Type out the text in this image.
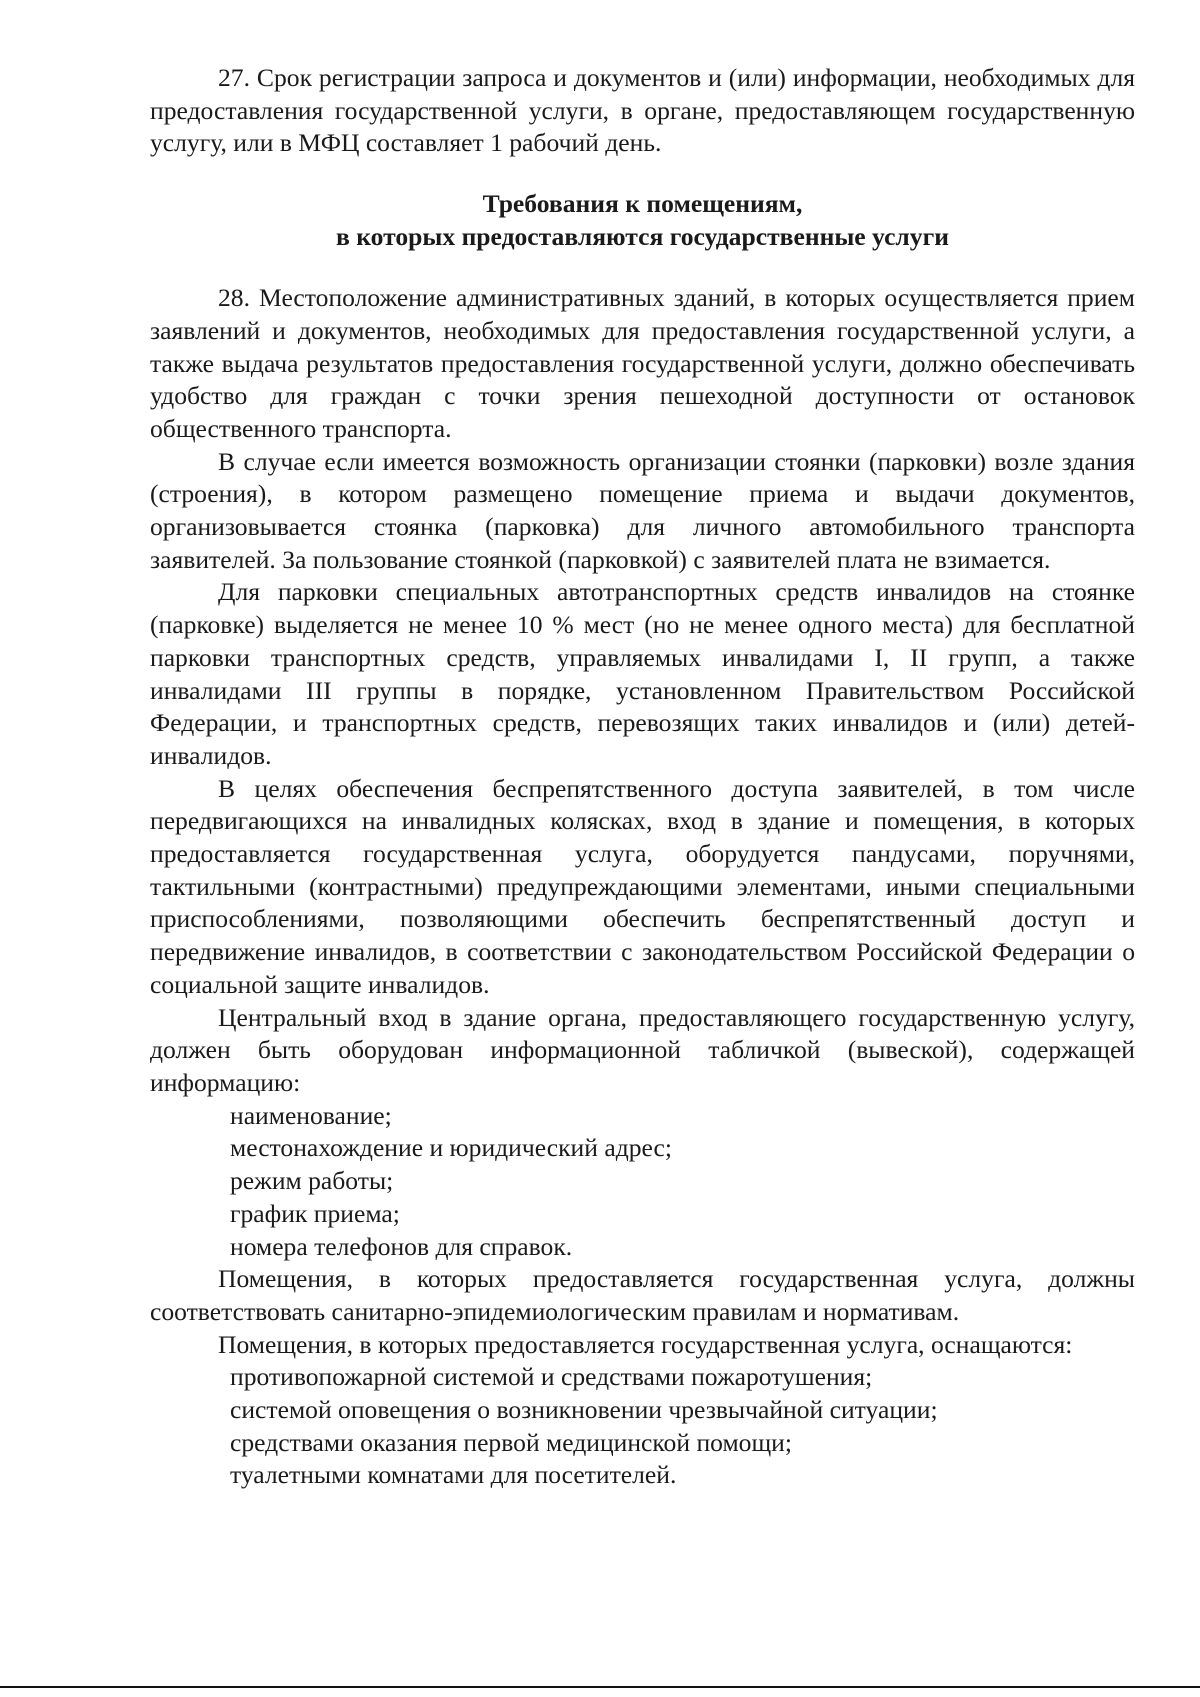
27. Срок регистрации запроса и документов и (или) информации, необходимых для предоставления государственной услуги, в органе, предоставляющем государственную услугу, или в МФЦ составляет 1 рабочий день.

Требования к помещениям,
в которых предоставляются государственные услуги

28. Местоположение административных зданий, в которых осуществляется прием заявлений и документов, необходимых для предоставления государственной услуги, а также выдача результатов предоставления государственной услуги, должно обеспечивать удобство для граждан с точки зрения пешеходной доступности от остановок общественного транспорта.

В случае если имеется возможность организации стоянки (парковки) возле здания (строения), в котором размещено помещение приема и выдачи документов, организовывается стоянка (парковка) для личного автомобильного транспорта заявителей. За пользование стоянкой (парковкой) с заявителей плата не взимается.

Для парковки специальных автотранспортных средств инвалидов на стоянке (парковке) выделяется не менее 10 % мест (но не менее одного места) для бесплатной парковки транспортных средств, управляемых инвалидами I, II групп, а также инвалидами III группы в порядке, установленном Правительством Российской Федерации, и транспортных средств, перевозящих таких инвалидов и (или) детей-инвалидов.

В целях обеспечения беспрепятственного доступа заявителей, в том числе передвигающихся на инвалидных колясках, вход в здание и помещения, в которых предоставляется государственная услуга, оборудуется пандусами, поручнями, тактильными (контрастными) предупреждающими элементами, иными специальными приспособлениями, позволяющими обеспечить беспрепятственный доступ и передвижение инвалидов, в соответствии с законодательством Российской Федерации о социальной защите инвалидов.

Центральный вход в здание органа, предоставляющего государственную услугу, должен быть оборудован информационной табличкой (вывеской), содержащей информацию:

наименование;

местонахождение и юридический адрес;

режим работы;

график приема;

номера телефонов для справок.

Помещения, в которых предоставляется государственная услуга, должны соответствовать санитарно-эпидемиологическим правилам и нормативам.

Помещения, в которых предоставляется государственная услуга, оснащаются:

противопожарной системой и средствами пожаротушения;

системой оповещения о возникновении чрезвычайной ситуации;

средствами оказания первой медицинской помощи;

туалетными комнатами для посетителей.
